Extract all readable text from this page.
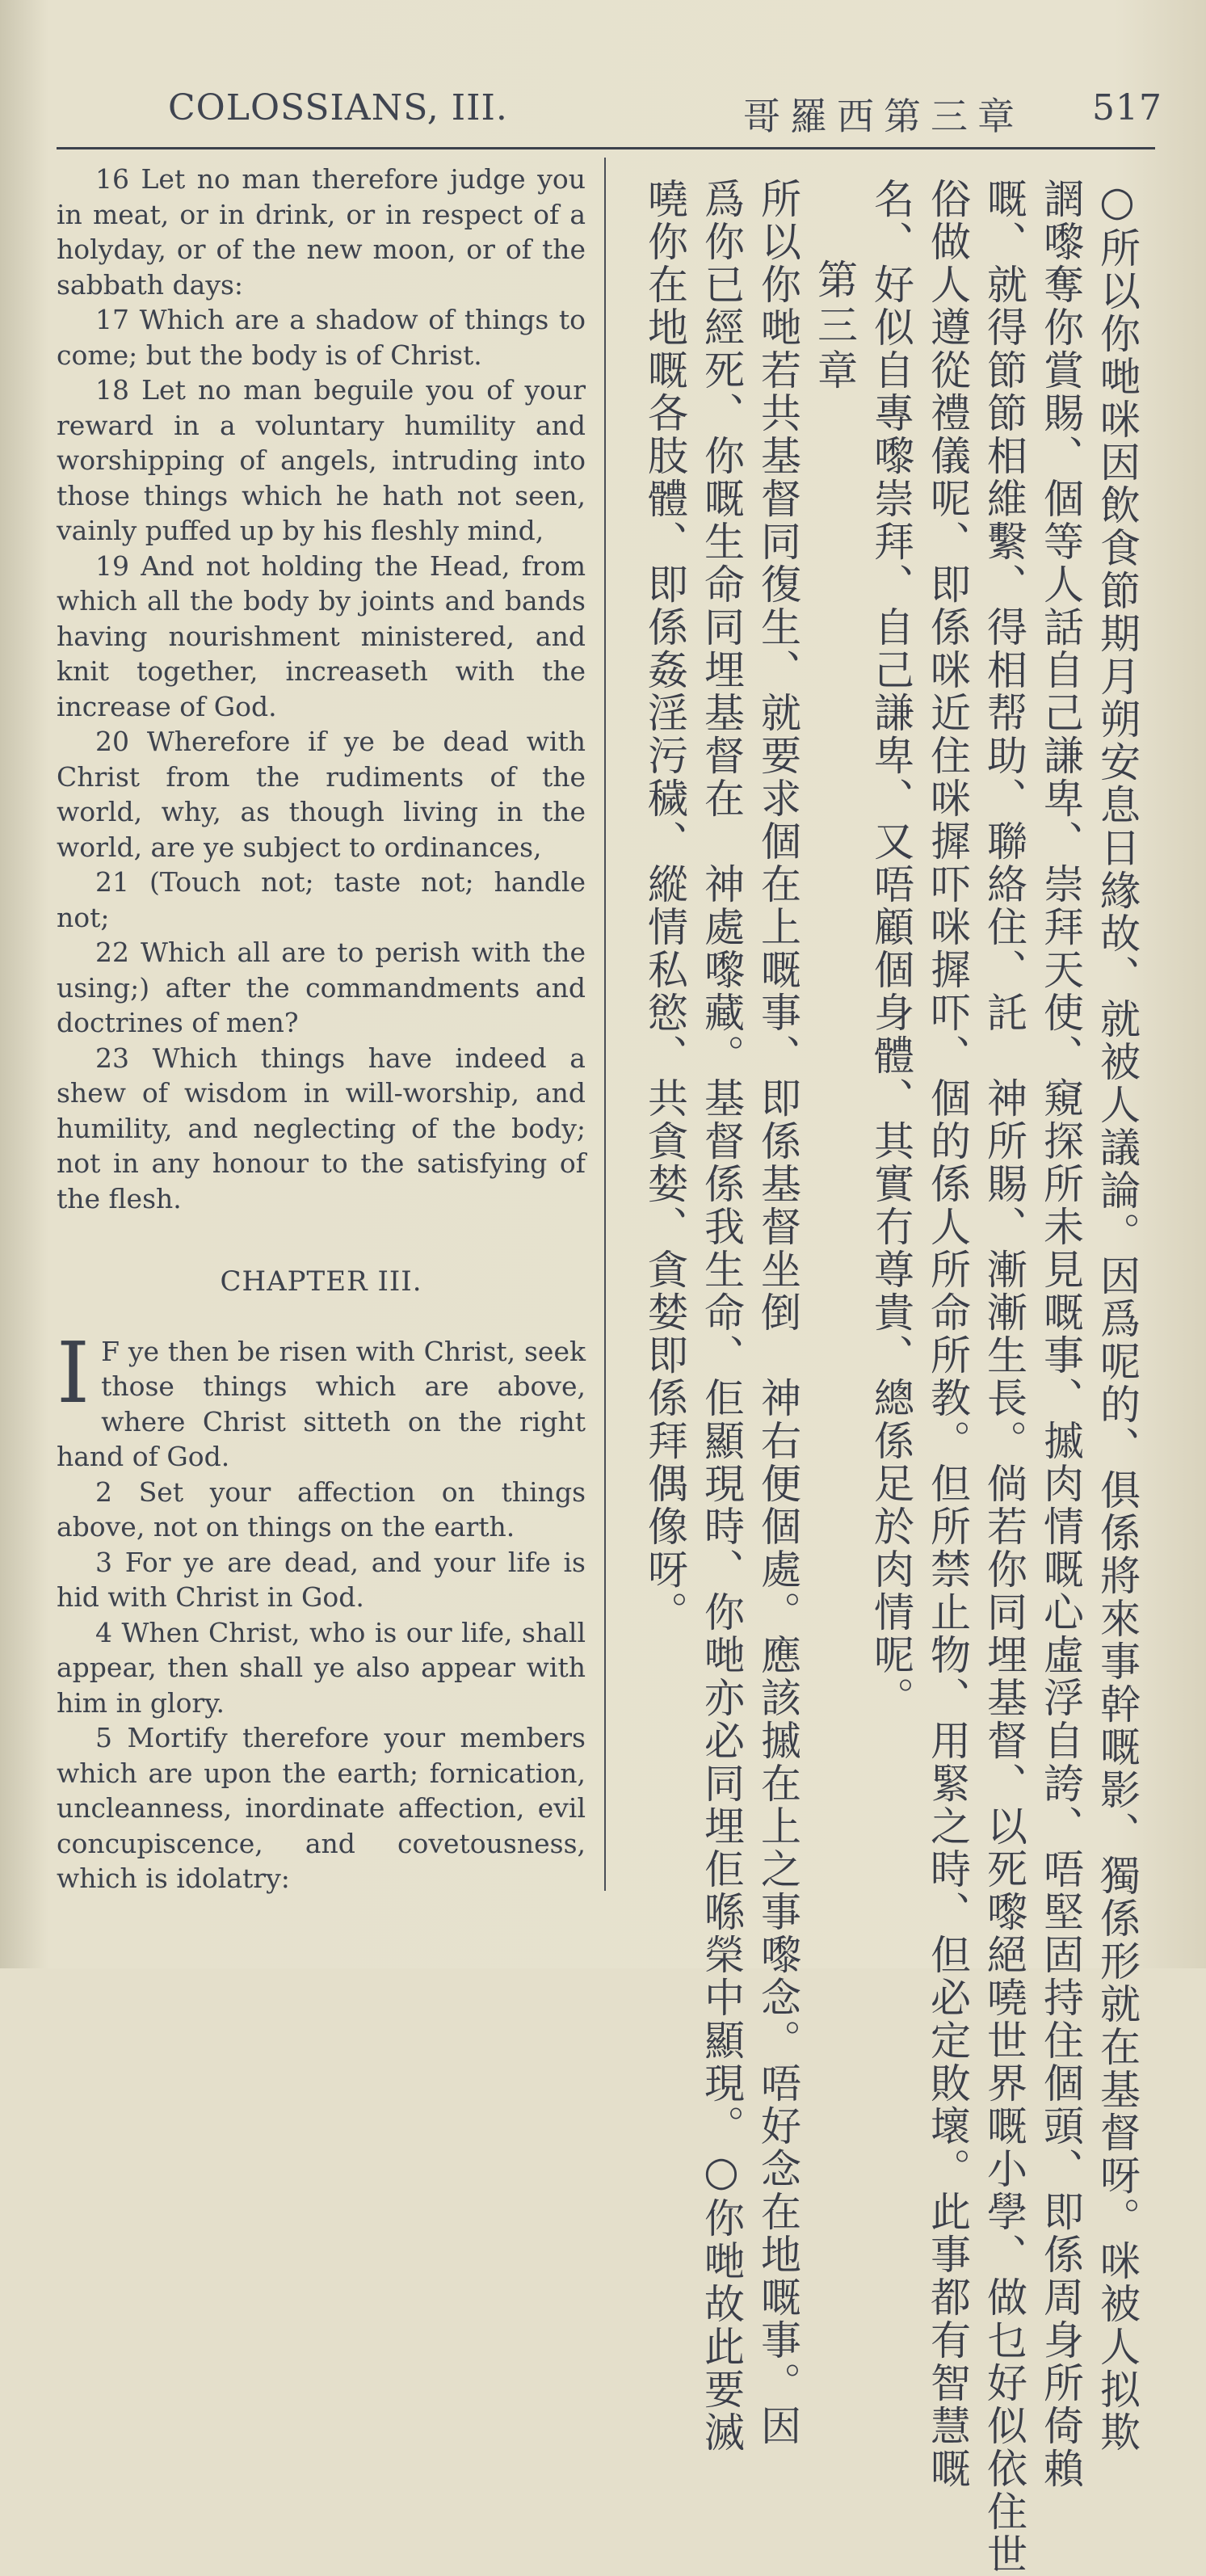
COLOSSIANS, III.	哥羅西第三章 517

16 Let no man therefore judge you in meat, or in drink, or in respect of a holyday, or of the new moon, or of the sabbath days:

17 Which are a shadow of things to come; but the body is of Christ.

18 Let no man beguile you of your reward in a voluntary humility and worshipping of angels, intruding into those things which he hath not seen, vainly puffed up by his fleshly mind,

19 And not holding the Head, from which all the body by joints and bands having nourishment ministered, and knit together, increaseth with the increase of God.

20 Wherefore if ye be dead with Christ from the rudiments of the world, why, as though living in the world, are ye subject to ordinances,

21 (Touch not; taste not; handle not;

22 Which all are to perish with the using;) after the commandments and doctrines of men?

23 Which things have indeed a shew of wisdom in will-worship, and humility, and neglecting of the body; not in any honour to the satisfying of the flesh.

CHAPTER III.

I F ye then be risen with Christ, seek those things which are above, where Christ sitteth on the right hand of God.

2 Set your affection on things above, not on things on the earth.

3 For ye are dead, and your life is hid with Christ in God.

4 When Christ, who is our life, shall appear, then shall ye also appear with him in glory.

5 Mortify therefore your members which are upon the earth; fornication, uncleanness, inordinate affection, evil concupiscence, and covetousness, which is idolatry:	○所以你哋咪因飲食節期月朔安息日緣故、就被人議論。因爲呢的、俱係將來事幹嘅影、獨係形就在基督呀。咪被人拟欺
誷嚟奪你賞賜、個等人話自己謙卑、崇拜天使、窺探所未見嘅事、摵肉情嘅心虛浮自誇、唔堅固持住個頭、即係周身所倚賴
嘅、就得節節相維繫、得相帮助、聯絡住、託　神所賜、漸漸生長。倘若你同埋基督、以死嚟絕嘵世界嘅小學、做乜好似依住世
俗做人遵從禮儀呢、即係咪近住咪摨吓咪摨吓、個的係人所命所教。但所禁止物、用緊之時、但必定敗壞。此事都有智慧嘅
名、好似自專嚟崇拜、自己謙卑、又唔顧個身體、其實冇尊貴、總係足於肉情呢。
第三章
所以你哋若共基督同復生、就要求個在上嘅事、即係基督坐倒　神右便個處。應該摵在上之事嚟念。唔好念在地嘅事。因
爲你已經死、你嘅生命同埋基督在　神處嚟藏。基督係我生命、佢顯現時、你哋亦必同埋佢喺榮中顯現。○你哋故此要滅
嘵你在地嘅各肢體、即係姦淫污穢、縱情私慾、共貪婪、貪婪即係拜偶像呀。
